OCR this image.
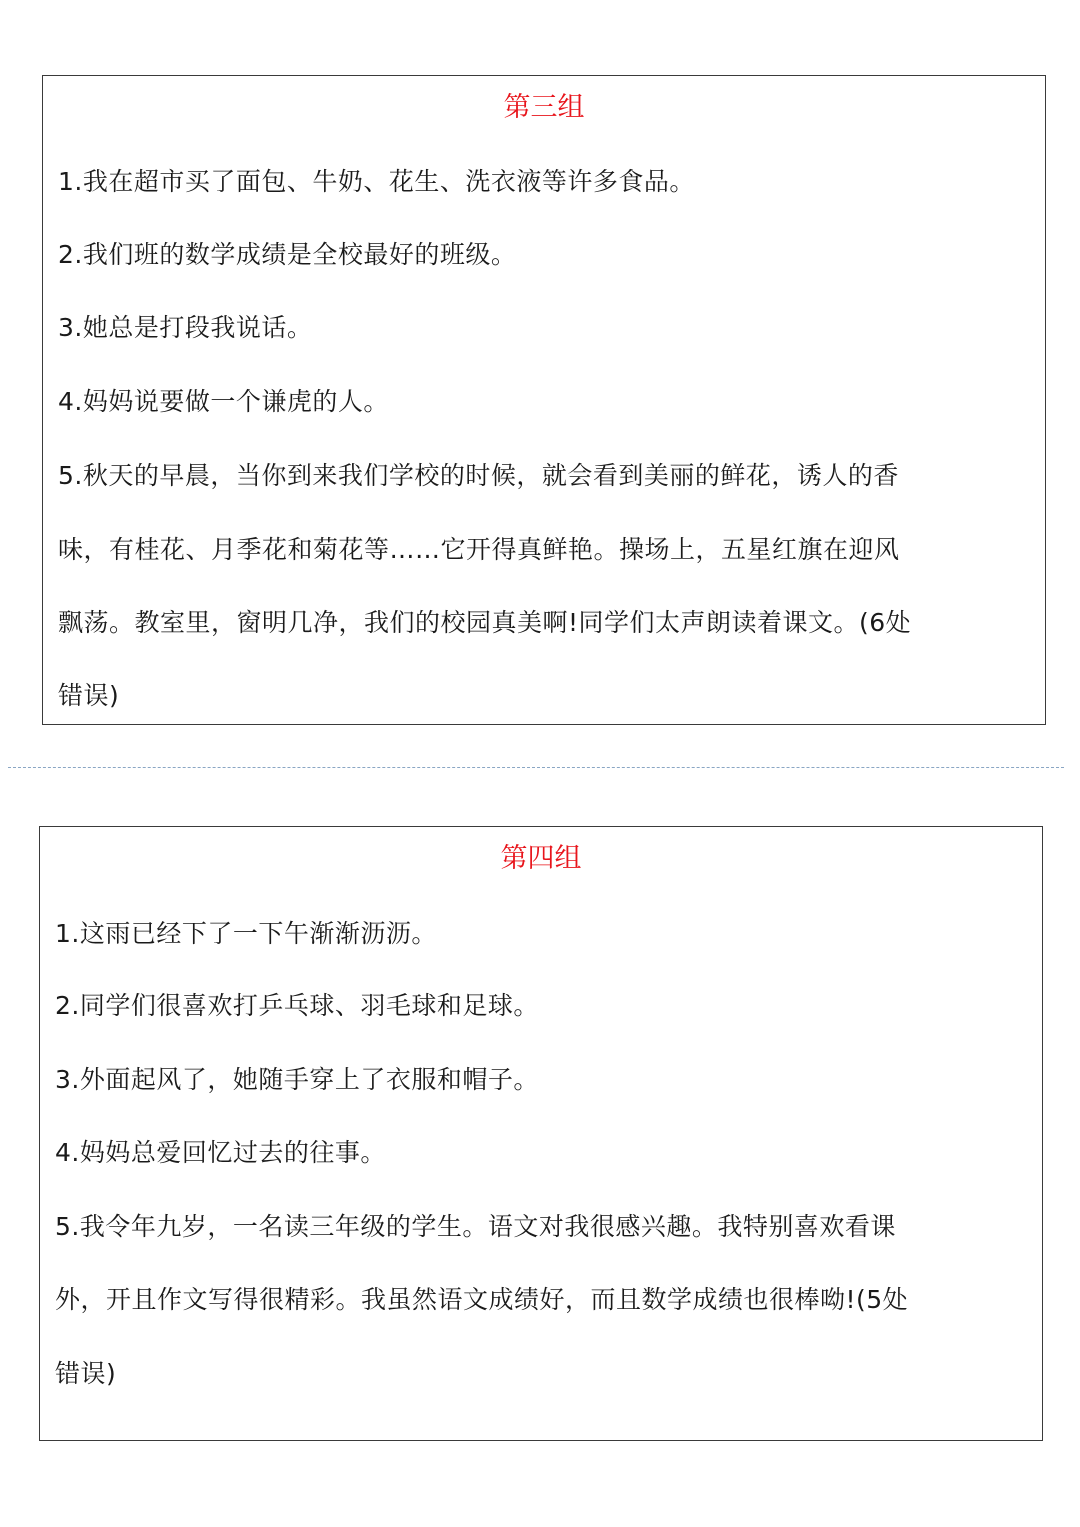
第三组
1.我在超市买了面包、牛奶、花生、洗衣液等许多食品。
2.我们班的数学成绩是全校最好的班级。
3.她总是打段我说话。
4.妈妈说要做一个谦虎的人。
5.秋天的早晨，当你到来我们学校的时候，就会看到美丽的鲜花，诱人的香
味，有桂花、月季花和菊花等……它开得真鲜艳。操场上，五星红旗在迎风
飘荡。教室里，窗明几净，我们的校园真美啊!同学们太声朗读着课文。(6处
错误)
第四组
1.这雨已经下了一下午渐渐沥沥。
2.同学们很喜欢打乒乓球、羽毛球和足球。
3.外面起风了，她随手穿上了衣服和帽子。
4.妈妈总爱回忆过去的往事。
5.我令年九岁，一名读三年级的学生。语文对我很感兴趣。我特别喜欢看课
外，开且作文写得很精彩。我虽然语文成绩好，而且数学成绩也很棒呦!(5处
错误)
